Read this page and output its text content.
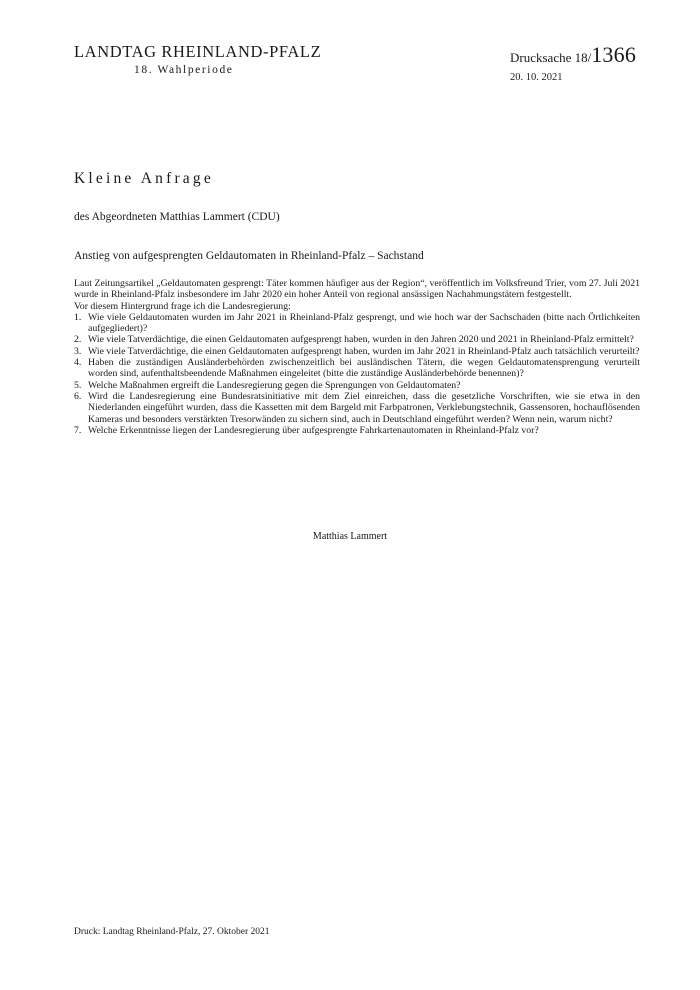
LANDTAG RHEINLAND-PFALZ
18. Wahlperiode
Drucksache 18/1366
20. 10. 2021
Kleine Anfrage
des Abgeordneten Matthias Lammert (CDU)
Anstieg von aufgesprengten Geldautomaten in Rheinland-Pfalz – Sachstand

Laut Zeitungsartikel „Geldautomaten gesprengt: Täter kommen häufiger aus der Region“, veröffentlich im Volksfreund Trier, vom 27. Juli 2021 wurde in Rheinland-Pfalz insbesondere im Jahr 2020 ein hoher Anteil von regional ansässigen Nachahmungstätern festgestellt.

Vor diesem Hintergrund frage ich die Landesregierung:

1. Wie viele Geldautomaten wurden im Jahr 2021 in Rheinland-Pfalz gesprengt, und wie hoch war der Sachschaden (bitte nach Örtlichkeiten aufgegliedert)?
2. Wie viele Tatverdächtige, die einen Geldautomaten aufgesprengt haben, wurden in den Jahren 2020 und 2021 in Rheinland-Pfalz ermittelt?
3. Wie viele Tatverdächtige, die einen Geldautomaten aufgesprengt haben, wurden im Jahr 2021 in Rheinland-Pfalz auch tatsächlich verurteilt?
4. Haben die zuständigen Ausländerbehörden zwischenzeitlich bei ausländischen Tätern, die wegen Geldautomatensprengung verurteilt worden sind, aufenthaltsbeendende Maßnahmen eingeleitet (bitte die zuständige Ausländerbehörde benennen)?
5. Welche Maßnahmen ergreift die Landesregierung gegen die Sprengungen von Geldautomaten?
6. Wird die Landesregierung eine Bundesratsinitiative mit dem Ziel einreichen, dass die gesetzliche Vorschriften, wie sie etwa in den Niederlanden eingeführt wurden, dass die Kassetten mit dem Bargeld mit Farbpatronen, Verklebungstechnik, Gassensoren, hochauflösenden Kameras und besonders verstärkten Tresorwänden zu sichern sind, auch in Deutschland eingeführt werden? Wenn nein, warum nicht?
7. Welche Erkenntnisse liegen der Landesregierung über aufgesprengte Fahrkartenautomaten in Rheinland-Pfalz vor?
Matthias Lammert
Druck: Landtag Rheinland-Pfalz, 27. Oktober 2021
